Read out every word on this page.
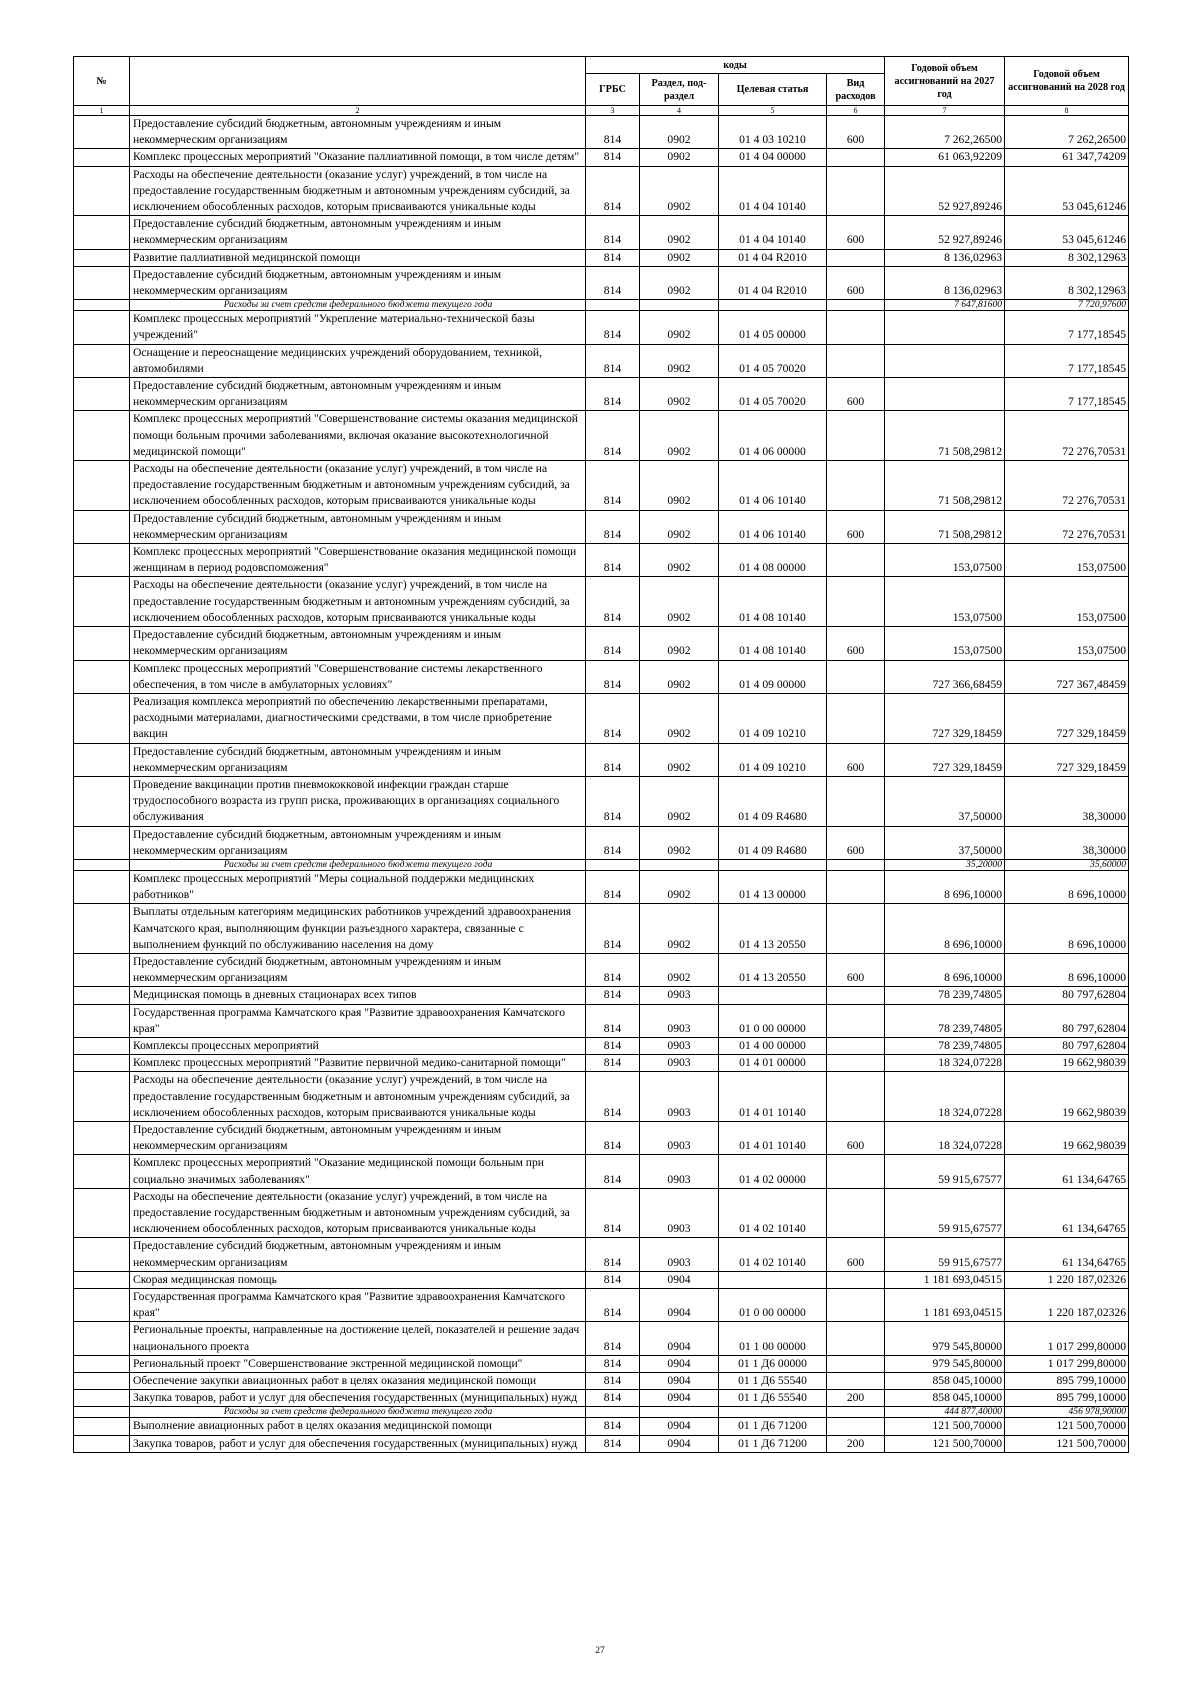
№		коды				Годовой объем ассигнований на 2027 год	Годовой объем ассигнований на 2028 год
		ГРБС	Раздел, под-раздел	Целевая статья	Вид расходов		
1	2	3	4	5	6	7	8
	Предоставление субсидий бюджетным, автономным учреждениям и иным некоммерческим организациям	814	0902	01 4 03 10210	600	7 262,26500	7 262,26500
	Комплекс процессных мероприятий "Оказание паллиативной помощи, в том числе детям"	814	0902	01 4 04 00000		61 063,92209	61 347,74209
	Расходы на обеспечение деятельности (оказание услуг) учреждений, в том числе на предоставление государственным бюджетным и автономным учреждениям субсидий, за исключением обособленных расходов, которым присваиваются уникальные коды	814	0902	01 4 04 10140		52 927,89246	53 045,61246
	Предоставление субсидий бюджетным, автономным учреждениям и иным некоммерческим организациям	814	0902	01 4 04 10140	600	52 927,89246	53 045,61246
	Развитие паллиативной медицинской помощи	814	0902	01 4 04 R2010		8 136,02963	8 302,12963
	Предоставление субсидий бюджетным, автономным учреждениям и иным некоммерческим организациям	814	0902	01 4 04 R2010	600	8 136,02963	8 302,12963
	Расходы за счет средств федерального бюджета текущего года					7 647,81600	7 720,97600
	Комплекс процессных мероприятий "Укрепление материально-технической базы учреждений"	814	0902	01 4 05 00000			7 177,18545
	Оснащение и переоснащение медицинских учреждений оборудованием, техникой, автомобилями	814	0902	01 4 05 70020			7 177,18545
	Предоставление субсидий бюджетным, автономным учреждениям и иным некоммерческим организациям	814	0902	01 4 05 70020	600		7 177,18545
	Комплекс процессных мероприятий "Совершенствование системы оказания медицинской помощи больным прочими заболеваниями, включая оказание высокотехнологичной медицинской помощи"	814	0902	01 4 06 00000		71 508,29812	72 276,70531
	Расходы на обеспечение деятельности (оказание услуг) учреждений, в том числе на предоставление государственным бюджетным и автономным учреждениям субсидий, за исключением обособленных расходов, которым присваиваются уникальные коды	814	0902	01 4 06 10140		71 508,29812	72 276,70531
	Предоставление субсидий бюджетным, автономным учреждениям и иным некоммерческим организациям	814	0902	01 4 06 10140	600	71 508,29812	72 276,70531
	Комплекс процессных мероприятий "Совершенствование оказания медицинской помощи женщинам в период родовспоможения"	814	0902	01 4 08 00000		153,07500	153,07500
	Расходы на обеспечение деятельности (оказание услуг) учреждений, в том числе на предоставление государственным бюджетным и автономным учреждениям субсидий, за исключением обособленных расходов, которым присваиваются уникальные коды	814	0902	01 4 08 10140		153,07500	153,07500
	Предоставление субсидий бюджетным, автономным учреждениям и иным некоммерческим организациям	814	0902	01 4 08 10140	600	153,07500	153,07500
	Комплекс процессных мероприятий "Совершенствование системы лекарственного обеспечения, в том числе в амбулаторных условиях"	814	0902	01 4 09 00000		727 366,68459	727 367,48459
	Реализация комплекса мероприятий по обеспечению лекарственными препаратами, расходными материалами, диагностическими средствами, в том числе приобретение вакцин	814	0902	01 4 09 10210		727 329,18459	727 329,18459
	Предоставление субсидий бюджетным, автономным учреждениям и иным некоммерческим организациям	814	0902	01 4 09 10210	600	727 329,18459	727 329,18459
	Проведение вакцинации против пневмококковой инфекции граждан старше трудоспособного возраста из групп риска, проживающих в организациях социального обслуживания	814	0902	01 4 09 R4680		37,50000	38,30000
	Предоставление субсидий бюджетным, автономным учреждениям и иным некоммерческим организациям	814	0902	01 4 09 R4680	600	37,50000	38,30000
	Расходы за счет средств федерального бюджета текущего года					35,20000	35,60000
	Комплекс процессных мероприятий "Меры социальной поддержки медицинских работников"	814	0902	01 4 13 00000		8 696,10000	8 696,10000
	Выплаты отдельным категориям медицинских работников учреждений здравоохранения Камчатского края, выполняющим функции разъездного характера, связанные с выполнением функций по обслуживанию населения на дому	814	0902	01 4 13 20550		8 696,10000	8 696,10000
	Предоставление субсидий бюджетным, автономным учреждениям и иным некоммерческим организациям	814	0902	01 4 13 20550	600	8 696,10000	8 696,10000
	Медицинская помощь в дневных стационарах всех типов	814	0903			78 239,74805	80 797,62804
	Государственная программа Камчатского края "Развитие здравоохранения Камчатского края"	814	0903	01 0 00 00000		78 239,74805	80 797,62804
	Комплексы процессных мероприятий	814	0903	01 4 00 00000		78 239,74805	80 797,62804
	Комплекс процессных мероприятий "Развитие первичной медико-санитарной помощи"	814	0903	01 4 01 00000		18 324,07228	19 662,98039
	Расходы на обеспечение деятельности (оказание услуг) учреждений, в том числе на предоставление государственным бюджетным и автономным учреждениям субсидий, за исключением обособленных расходов, которым присваиваются уникальные коды	814	0903	01 4 01 10140		18 324,07228	19 662,98039
	Предоставление субсидий бюджетным, автономным учреждениям и иным некоммерческим организациям	814	0903	01 4 01 10140	600	18 324,07228	19 662,98039
	Комплекс процессных мероприятий "Оказание медицинской помощи больным при социально значимых заболеваниях"	814	0903	01 4 02 00000		59 915,67577	61 134,64765
	Расходы на обеспечение деятельности (оказание услуг) учреждений, в том числе на предоставление государственным бюджетным и автономным учреждениям субсидий, за исключением обособленных расходов, которым присваиваются уникальные коды	814	0903	01 4 02 10140		59 915,67577	61 134,64765
	Предоставление субсидий бюджетным, автономным учреждениям и иным некоммерческим организациям	814	0903	01 4 02 10140	600	59 915,67577	61 134,64765
	Скорая медицинская помощь	814	0904			1 181 693,04515	1 220 187,02326
	Государственная программа Камчатского края "Развитие здравоохранения Камчатского края"	814	0904	01 0 00 00000		1 181 693,04515	1 220 187,02326
	Региональные проекты, направленные на достижение целей, показателей и решение задач национального проекта	814	0904	01 1 00 00000		979 545,80000	1 017 299,80000
	Региональный проект "Совершенствование экстренной медицинской помощи"	814	0904	01 1 Д6 00000		979 545,80000	1 017 299,80000
	Обеспечение закупки авиационных работ в целях оказания медицинской помощи	814	0904	01 1 Д6 55540		858 045,10000	895 799,10000
	Закупка товаров, работ и услуг для обеспечения государственных (муниципальных) нужд	814	0904	01 1 Д6 55540	200	858 045,10000	895 799,10000
	Расходы за счет средств федерального бюджета текущего года					444 877,40000	456 978,90000
	Выполнение авиационных работ в целях оказания медицинской помощи	814	0904	01 1 Д6 71200		121 500,70000	121 500,70000
	Закупка товаров, работ и услуг для обеспечения государственных (муниципальных) нужд	814	0904	01 1 Д6 71200	200	121 500,70000	121 500,70000
27
